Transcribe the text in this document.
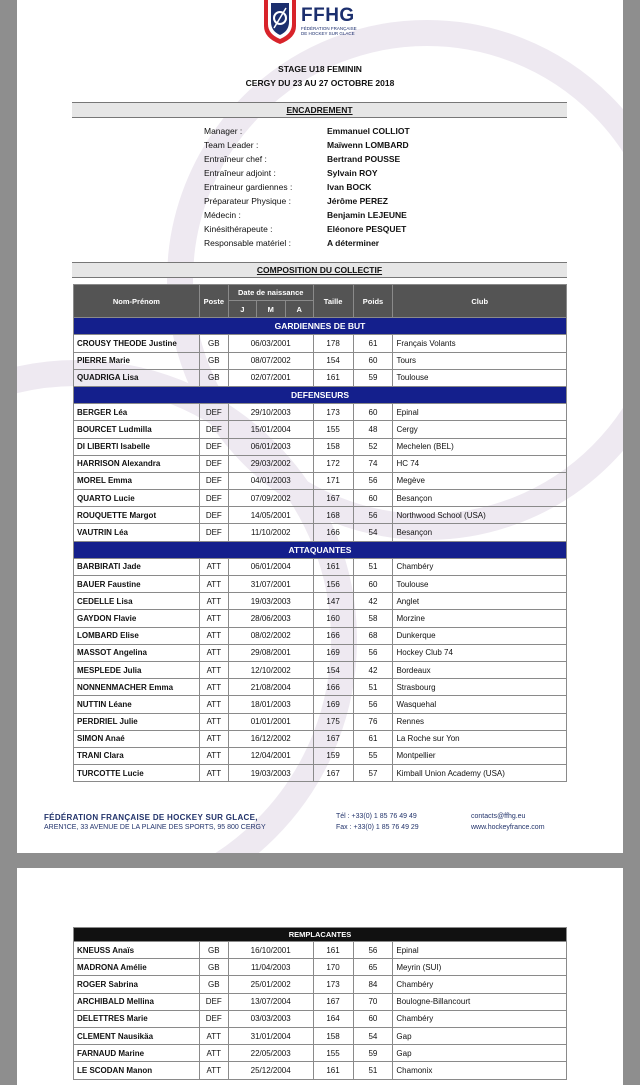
FFHG
FÉDÉRATION FRANÇAISE
DE HOCKEY SUR GLACE
STAGE U18 FEMININ
CERGY DU 23 AU 27 OCTOBRE 2018
ENCADREMENT
Manager :	Emmanuel COLLIOT
Team Leader :	Maïwenn LOMBARD
Entraîneur chef :	Bertrand POUSSE
Entraîneur adjoint :	Sylvain ROY
Entraineur gardiennes :	Ivan BOCK
Préparateur Physique :	Jérôme PEREZ
Médecin :	Benjamin LEJEUNE
Kinésithérapeute :	Eléonore PESQUET
Responsable matériel :	A déterminer
COMPOSITION DU COLLECTIF
Nom-Prénom	Poste	Date de naissance			Taille	Poids	Club
		J	M	A			
GARDIENNES DE BUT							
CROUSY THEODE Justine	GB	06/03/2001			178	61	Français Volants
PIERRE Marie	GB	08/07/2002			154	60	Tours
QUADRIGA Lisa	GB	02/07/2001			161	59	Toulouse
DEFENSEURS							
BERGER Léa	DEF	29/10/2003			173	60	Epinal
BOURCET Ludmilla	DEF	15/01/2004			155	48	Cergy
DI LIBERTI Isabelle	DEF	06/01/2003			158	52	Mechelen (BEL)
HARRISON Alexandra	DEF	29/03/2002			172	74	HC 74
MOREL Emma	DEF	04/01/2003			171	56	Megève
QUARTO Lucie	DEF	07/09/2002			167	60	Besançon
ROUQUETTE Margot	DEF	14/05/2001			168	56	Northwood School (USA)
VAUTRIN Léa	DEF	11/10/2002			166	54	Besançon
ATTAQUANTES							
BARBIRATI Jade	ATT	06/01/2004			161	51	Chambéry
BAUER Faustine	ATT	31/07/2001			156	60	Toulouse
CEDELLE Lisa	ATT	19/03/2003			147	42	Anglet
GAYDON Flavie	ATT	28/06/2003			160	58	Morzine
LOMBARD Elise	ATT	08/02/2002			166	68	Dunkerque
MASSOT Angelina	ATT	29/08/2001			169	56	Hockey Club 74
MESPLEDE Julia	ATT	12/10/2002			154	42	Bordeaux
NONNENMACHER Emma	ATT	21/08/2004			166	51	Strasbourg
NUTTIN Léane	ATT	18/01/2003			169	56	Wasquehal
PERDRIEL Julie	ATT	01/01/2001			175	76	Rennes
SIMON Anaé	ATT	16/12/2002			167	61	La Roche sur Yon
TRANI Clara	ATT	12/04/2001			159	55	Montpellier
TURCOTTE Lucie	ATT	19/03/2003			167	57	Kimball Union Academy (USA)
FÉDÉRATION FRANÇAISE DE HOCKEY SUR GLACE,
AREN'ICE, 33 AVENUE DE LA PLAINE DES SPORTS, 95 800 CERGY
Tél : +33(0) 1 85 76 49 49
Fax : +33(0) 1 85 76 49 29
contacts@ffhg.eu
www.hockeyfrance.com
REMPLACANTES					
KNEUSS Anaïs	GB	16/10/2001	161	56	Epinal
MADRONA Amélie	GB	11/04/2003	170	65	Meyrin (SUI)
ROGER Sabrina	GB	25/01/2002	173	84	Chambéry
ARCHIBALD Mellina	DEF	13/07/2004	167	70	Boulogne-Billancourt
DELETTRES Marie	DEF	03/03/2003	164	60	Chambéry
CLEMENT Nausikäa	ATT	31/01/2004	158	54	Gap
FARNAUD Marine	ATT	22/05/2003	155	59	Gap
LE SCODAN Manon	ATT	25/12/2004	161	51	Chamonix
